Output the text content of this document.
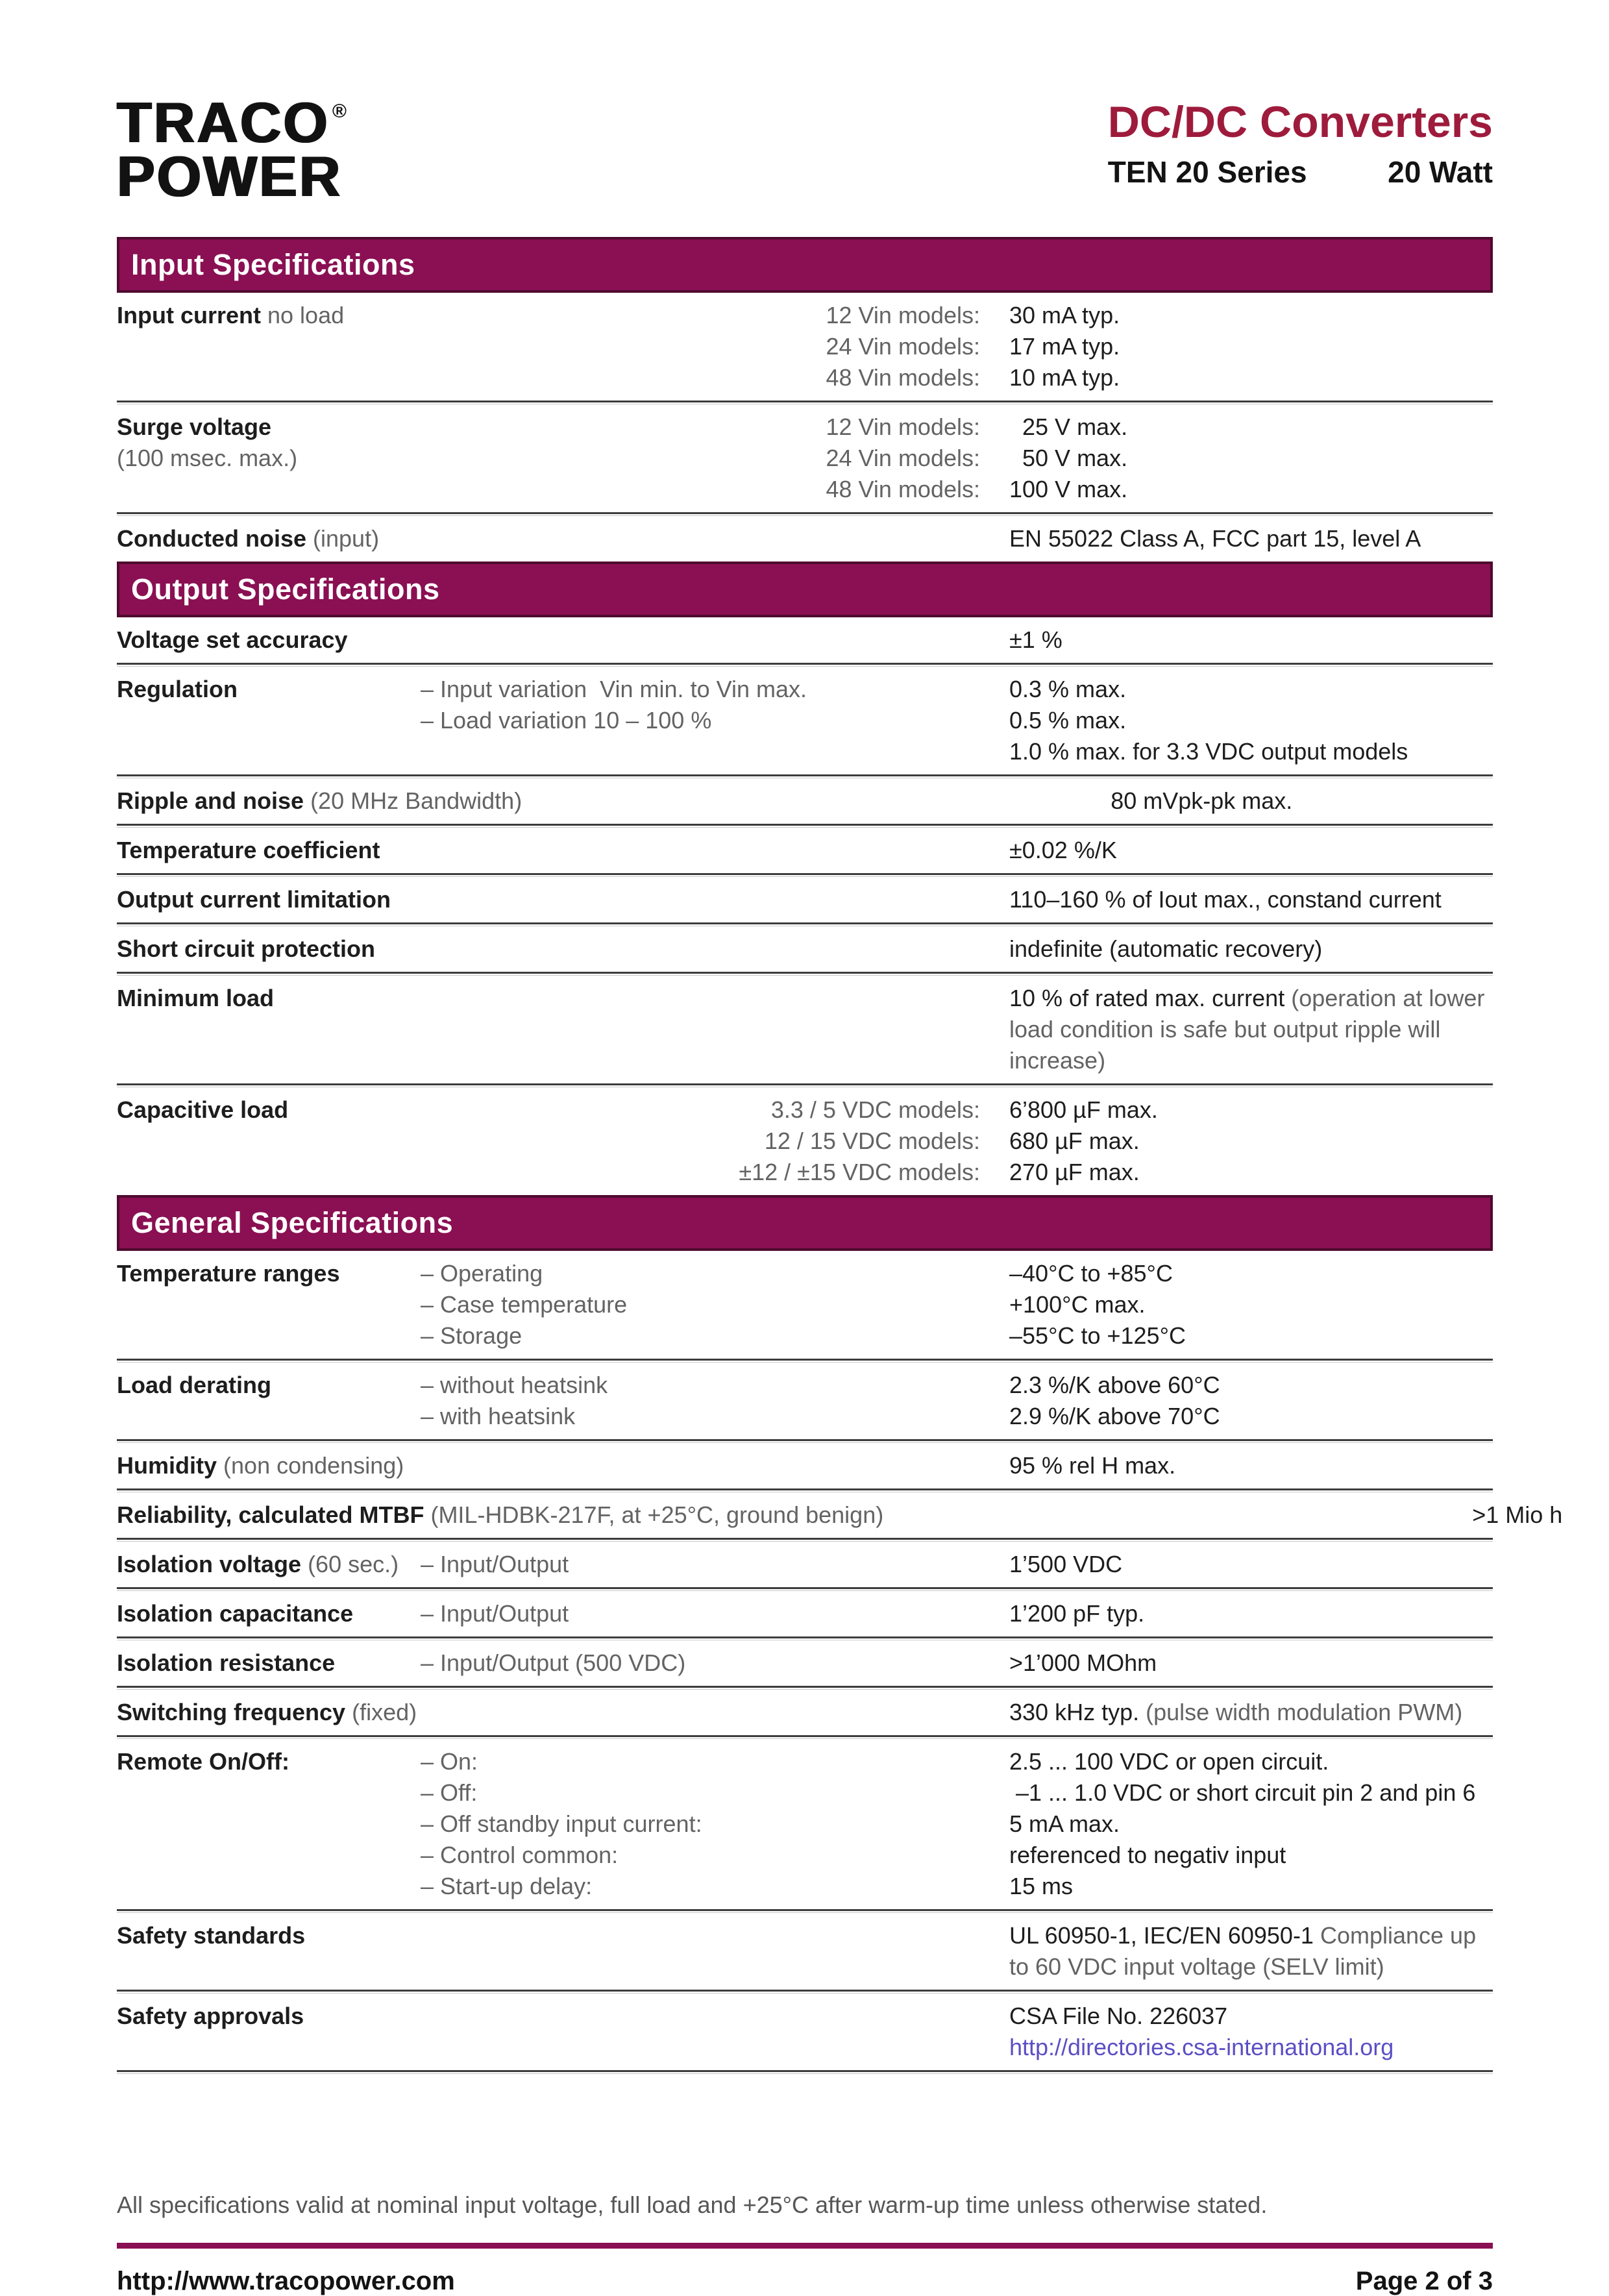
TRACO ®
POWER
DC/DC Converters
TEN 20 Series	20 Watt
Input Specifications
Input current no load	12 Vin models: 30 mA typ.
24 Vin models: 17 mA typ.
48 Vin models: 10 mA typ.
Surge voltage
(100 msec. max.)
12 Vin models: 25 V max.
24 Vin models: 50 V max.
48 Vin models: 100 V max.
Conducted noise (input)	EN 55022 Class A, FCC part 15, level A
Output Specifications
Voltage set accuracy	±1 %
Regulation	– Input variation  Vin min. to Vin max.	0.3 % max.
– Load variation 10 – 100 %	0.5 % max.
1.0 % max. for 3.3 VDC output models
Ripple and noise (20 MHz Bandwidth)	80 mVpk-pk max.
Temperature coefficient	±0.02 %/K
Output current limitation	110–160 % of Iout max., constand current
Short circuit protection	indefinite (automatic recovery)
Minimum load	10 % of rated max. current (operation at lower load condition is safe but output ripple will increase)
Capacitive load	3.3 / 5 VDC models: 6’800 µF max.
12 / 15 VDC models: 680 µF max.
±12 / ±15 VDC models: 270 µF max.
General Specifications
Temperature ranges	– Operating	–40°C to +85°C
– Case temperature	+100°C max.
– Storage	–55°C to +125°C
Load derating	– without heatsink	2.3 %/K above 60°C
– with heatsink	2.9 %/K above 70°C
Humidity (non condensing)	95 % rel H max.
Reliability, calculated MTBF (MIL-HDBK-217F, at +25°C, ground benign)	>1 Mio h
Isolation voltage (60 sec.) – Input/Output	1’500 VDC
Isolation capacitance	– Input/Output	1’200 pF typ.
Isolation resistance	– Input/Output (500 VDC)	>1’000 MOhm
Switching frequency (fixed)	330 kHz typ. (pulse width modulation PWM)
Remote On/Off:	– On:	2.5 ... 100 VDC or open circuit.
– Off:	–1 ... 1.0 VDC or short circuit pin 2 and pin 6
– Off standby input current:	5 mA max.
– Control common:	referenced to negativ input
– Start-up delay:	15 ms
Safety standards	UL 60950-1, IEC/EN 60950-1 Compliance up to 60 VDC input voltage (SELV limit)
Safety approvals	CSA File No. 226037
http://directories.csa-international.org
All specifications valid at nominal input voltage, full load and +25°C after warm-up time unless otherwise stated.
http://www.tracopower.com	Page 2 of 3
